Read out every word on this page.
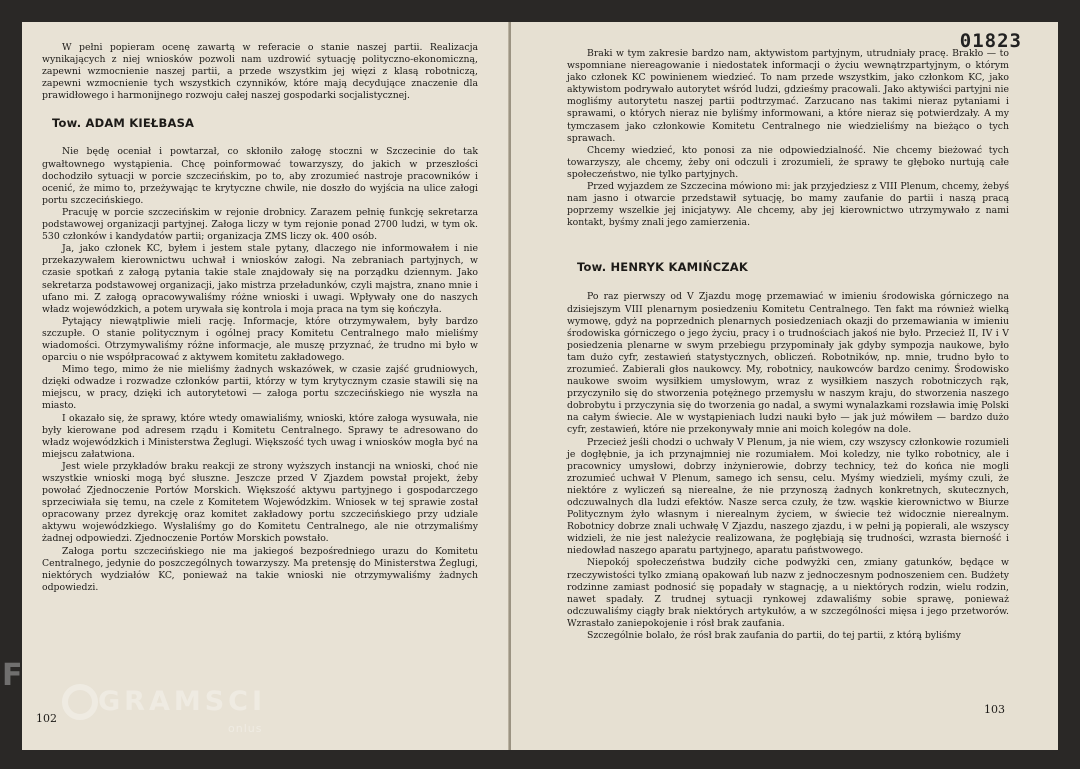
W pełni popieram ocenę zawartą w referacie o stanie naszej partii. Realizacja wynikających z niej wniosków pozwoli nam uzdrowić sytuację polityczno-ekonomiczną, zapewni wzmocnienie naszej partii, a przede wszystkim jej więzi z klasą robotniczą, zapewni wzmocnienie tych wszystkich czynników, które mają decydujące znaczenie dla prawidłowego i harmonijnego rozwoju całej naszej gospodarki socjalistycznej.

Tow. ADAM KIEŁBASA

Nie będę oceniał i powtarzał, co skłoniło załogę stoczni w Szczecinie do tak gwałtownego wystąpienia. Chcę poinformować towarzyszy, do jakich w przeszłości dochodziło sytuacji w porcie szczecińskim, po to, aby zrozumieć nastroje pracowników i ocenić, że mimo to, przeżywając te krytyczne chwile, nie doszło do wyjścia na ulice załogi portu szczecińskiego.

Pracuję w porcie szczecińskim w rejonie drobnicy. Zarazem pełnię funkcję sekretarza podstawowej organizacji partyjnej. Załoga liczy w tym rejonie ponad 2700 ludzi, w tym ok. 530 członków i kandydatów partii; organizacja ZMS liczy ok. 400 osób.

Ja, jako członek KC, byłem i jestem stale pytany, dlaczego nie informowałem i nie przekazywałem kierownictwu uchwał i wniosków załogi. Na zebraniach partyjnych, w czasie spotkań z załogą pytania takie stale znajdowały się na porządku dziennym. Jako sekretarza podstawowej organizacji, jako mistrza przeładunków, czyli majstra, znano mnie i ufano mi. Z załogą opracowywaliśmy różne wnioski i uwagi. Wpływały one do naszych władz wojewódzkich, a potem urywała się kontrola i moja praca na tym się kończyła.

Pytający niewątpliwie mieli rację. Informacje, które otrzymywałem, były bardzo szczupłe. O stanie politycznym i ogólnej pracy Komitetu Centralnego mało mieliśmy wiadomości. Otrzymywaliśmy różne informacje, ale muszę przyznać, że trudno mi było w oparciu o nie współpracować z aktywem komitetu zakładowego.

Mimo tego, mimo że nie mieliśmy żadnych wskazówek, w czasie zajść grudniowych, dzięki odwadze i rozwadze członków partii, którzy w tym krytycznym czasie stawili się na miejscu, w pracy, dzięki ich autorytetowi — załoga portu szczecińskiego nie wyszła na miasto.

I okazało się, że sprawy, które wtedy omawialiśmy, wnioski, które załoga wysuwała, nie były kierowane pod adresem rządu i Komitetu Centralnego. Sprawy te adresowano do władz wojewódzkich i Ministerstwa Żeglugi. Większość tych uwag i wniosków mogła być na miejscu załatwiona.

Jest wiele przykładów braku reakcji ze strony wyższych instancji na wnioski, choć nie wszystkie wnioski mogą być słuszne. Jeszcze przed V Zjazdem powstał projekt, żeby powołać Zjednoczenie Portów Morskich. Większość aktywu partyjnego i gospodarczego sprzeciwiała się temu, na czele z Komitetem Wojewódzkim. Wniosek w tej sprawie został opracowany przez dyrekcję oraz komitet zakładowy portu szczecińskiego przy udziale aktywu wojewódzkiego. Wysłaliśmy go do Komitetu Centralnego, ale nie otrzymaliśmy żadnej odpowiedzi. Zjednoczenie Portów Morskich powstało.

Załoga portu szczecińskiego nie ma jakiegoś bezpośredniego urazu do Komitetu Centralnego, jedynie do poszczególnych towarzyszy. Ma pretensję do Ministerstwa Żeglugi, niektórych wydziałów KC, ponieważ na takie wnioski nie otrzymywaliśmy żadnych odpowiedzi.

102
01823

Braki w tym zakresie bardzo nam, aktywistom partyjnym, utrudniały pracę. Brakło — to wspomniane niereagowanie i niedostatek informacji o życiu wewnątrzpartyjnym, o którym jako członek KC powinienem wiedzieć. To nam przede wszystkim, jako członkom KC, jako aktywistom podrywało autorytet wśród ludzi, gdzieśmy pracowali. Jako aktywiści partyjni nie mogliśmy autorytetu naszej partii podtrzymać. Zarzucano nas takimi nieraz pytaniami i sprawami, o których nieraz nie byliśmy informowani, a które nieraz się potwierdzały. A my tymczasem jako członkowie Komitetu Centralnego nie wiedzieliśmy na bieżąco o tych sprawach.

Chcemy wiedzieć, kto ponosi za nie odpowiedzialność. Nie chcemy bieżować tych towarzyszy, ale chcemy, żeby oni odczuli i zrozumieli, że sprawy te głęboko nurtują całe społeczeństwo, nie tylko partyjnych.

Przed wyjazdem ze Szczecina mówiono mi: jak przyjedziesz z VIII Plenum, chcemy, żebyś nam jasno i otwarcie przedstawił sytuację, bo mamy zaufanie do partii i naszą pracą poprzemy wszelkie jej inicjatywy. Ale chcemy, aby jej kierownictwo utrzymywało z nami kontakt, byśmy znali jego zamierzenia.

Tow. HENRYK KAMIŃCZAK

Po raz pierwszy od V Zjazdu mogę przemawiać w imieniu środowiska górniczego na dzisiejszym VIII plenarnym posiedzeniu Komitetu Centralnego. Ten fakt ma również wielką wymowę, gdyż na poprzednich plenarnych posiedzeniach okazji do przemawiania w imieniu środowiska górniczego o jego życiu, pracy i o trudnościach jakoś nie było. Przecież II, IV i V posiedzenia plenarne w swym przebiegu przypominały jak gdyby sympozja naukowe, było tam dużo cyfr, zestawień statystycznych, obliczeń. Robotników, np. mnie, trudno było to zrozumieć. Zabierali głos naukowcy. My, robotnicy, naukowców bardzo cenimy. Środowisko naukowe swoim wysiłkiem umysłowym, wraz z wysiłkiem naszych robotniczych rąk, przyczyniło się do stworzenia potężnego przemysłu w naszym kraju, do stworzenia naszego dobrobytu i przyczynia się do tworzenia go nadal, a swymi wynalazkami rozsławia imię Polski na całym świecie. Ale w wystąpieniach ludzi nauki było — jak już mówiłem — bardzo dużo cyfr, zestawień, które nie przekonywały mnie ani moich kolegów na dole.

Przecież jeśli chodzi o uchwały V Plenum, ja nie wiem, czy wszyscy członkowie rozumieli je dogłębnie, ja ich przynajmniej nie rozumiałem. Moi koledzy, nie tylko robotnicy, ale i pracownicy umysłowi, dobrzy inżynierowie, dobrzy technicy, też do końca nie mogli zrozumieć uchwał V Plenum, samego ich sensu, celu. Myśmy wiedzieli, myśmy czuli, że niektóre z wyliczeń są nierealne, że nie przynoszą żadnych konkretnych, skutecznych, odczuwalnych dla ludzi efektów. Nasze serca czuły, że tzw. wąskie kierownictwo w Biurze Politycznym żyło własnym i nierealnym życiem, w świecie też widocznie nierealnym. Robotnicy dobrze znali uchwałę V Zjazdu, naszego zjazdu, i w pełni ją popierali, ale wszyscy widzieli, że nie jest należycie realizowana, że pogłębiają się trudności, wzrasta bierność i niedowład naszego aparatu partyjnego, aparatu państwowego.

Niepokój społeczeństwa budziły ciche podwyżki cen, zmiany gatunków, będące w rzeczywistości tylko zmianą opakowań lub nazw z jednoczesnym podnoszeniem cen. Budżety rodzinne zamiast podnosić się popadały w stagnację, a u niektórych rodzin, wielu rodzin, nawet spadały. Z trudnej sytuacji rynkowej zdawaliśmy sobie sprawę, ponieważ odczuwaliśmy ciągły brak niektórych artykułów, a w szczególności mięsa i jego przetworów. Wzrastało zaniepokojenie i rósł brak zaufania.

Szczególnie bolało, że rósł brak zaufania do partii, do tej partii, z którą byliśmy

103
F
GRAMSCI
onlus
